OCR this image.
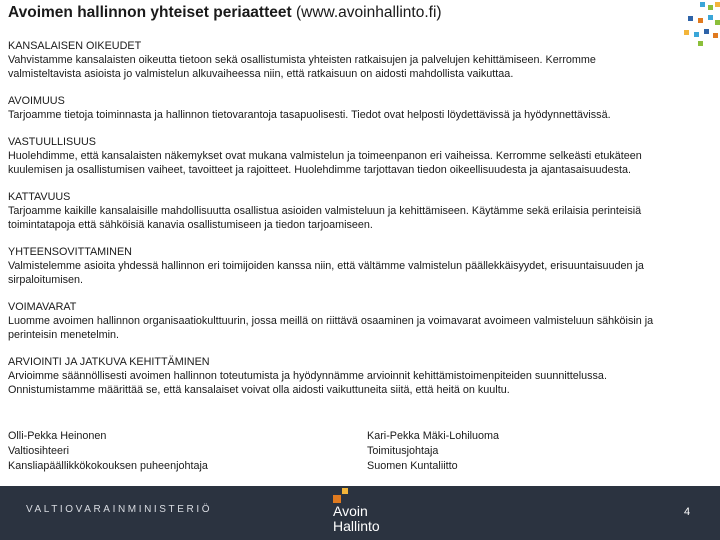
Avoimen hallinnon yhteiset periaatteet (www.avoinhallinto.fi)
KANSALAISEN OIKEUDET
Vahvistamme kansalaisten oikeutta tietoon sekä osallistumista yhteisten ratkaisujen ja palvelujen kehittämiseen. Kerromme
valmisteltavista asioista jo valmistelun alkuvaiheessa niin, että ratkaisuun on aidosti mahdollista vaikuttaa.
AVOIMUUS
Tarjoamme tietoja toiminnasta ja hallinnon tietovarantoja tasapuolisesti. Tiedot ovat helposti löydettävissä ja hyödynnettävissä.
VASTUULLISUUS
Huolehdimme, että kansalaisten näkemykset ovat mukana valmistelun ja toimeenpanon eri vaiheissa. Kerromme selkeästi etukäteen
kuulemisen ja osallistumisen vaiheet, tavoitteet ja rajoitteet. Huolehdimme tarjottavan tiedon oikeellisuudesta ja ajantasaisuudesta.
KATTAVUUS
Tarjoamme kaikille kansalaisille mahdollisuutta osallistua asioiden valmisteluun ja kehittämiseen. Käytämme sekä erilaisia perinteisiä
toimintatapoja että sähköisiä kanavia osallistumiseen ja tiedon tarjoamiseen.
YHTEENSOVITTAMINEN
Valmistelemme asioita yhdessä hallinnon eri toimijoiden kanssa niin, että vältämme valmistelun päällekkäisyydet, erisuuntaisuuden ja
sirpaloitumisen.
VOIMAVARAT
Luomme avoimen hallinnon organisaatiokulttuurin, jossa meillä on riittävä osaaminen ja voimavarat avoimeen valmisteluun sähköisin ja
perinteisin menetelmin.
ARVIOINTI JA JATKUVA KEHITTÄMINEN
Arvioimme säännöllisesti avoimen hallinnon toteutumista ja hyödynnämme arvioinnit kehittämistoimenpiteiden suunnittelussa.
Onnistumistamme määrittää se, että kansalaiset voivat olla aidosti vaikuttuneita siitä, että heitä on kuultu.
Olli-Pekka Heinonen
Valtiosihteeri
Kansliapäällikkökokouksen puheenjohtaja
Kari-Pekka Mäki-Lohiluoma
Toimitusjohtaja
Suomen Kuntaliitto
VALTIOVARAINMINISTERIÖ	Avoin
Hallinto
4
